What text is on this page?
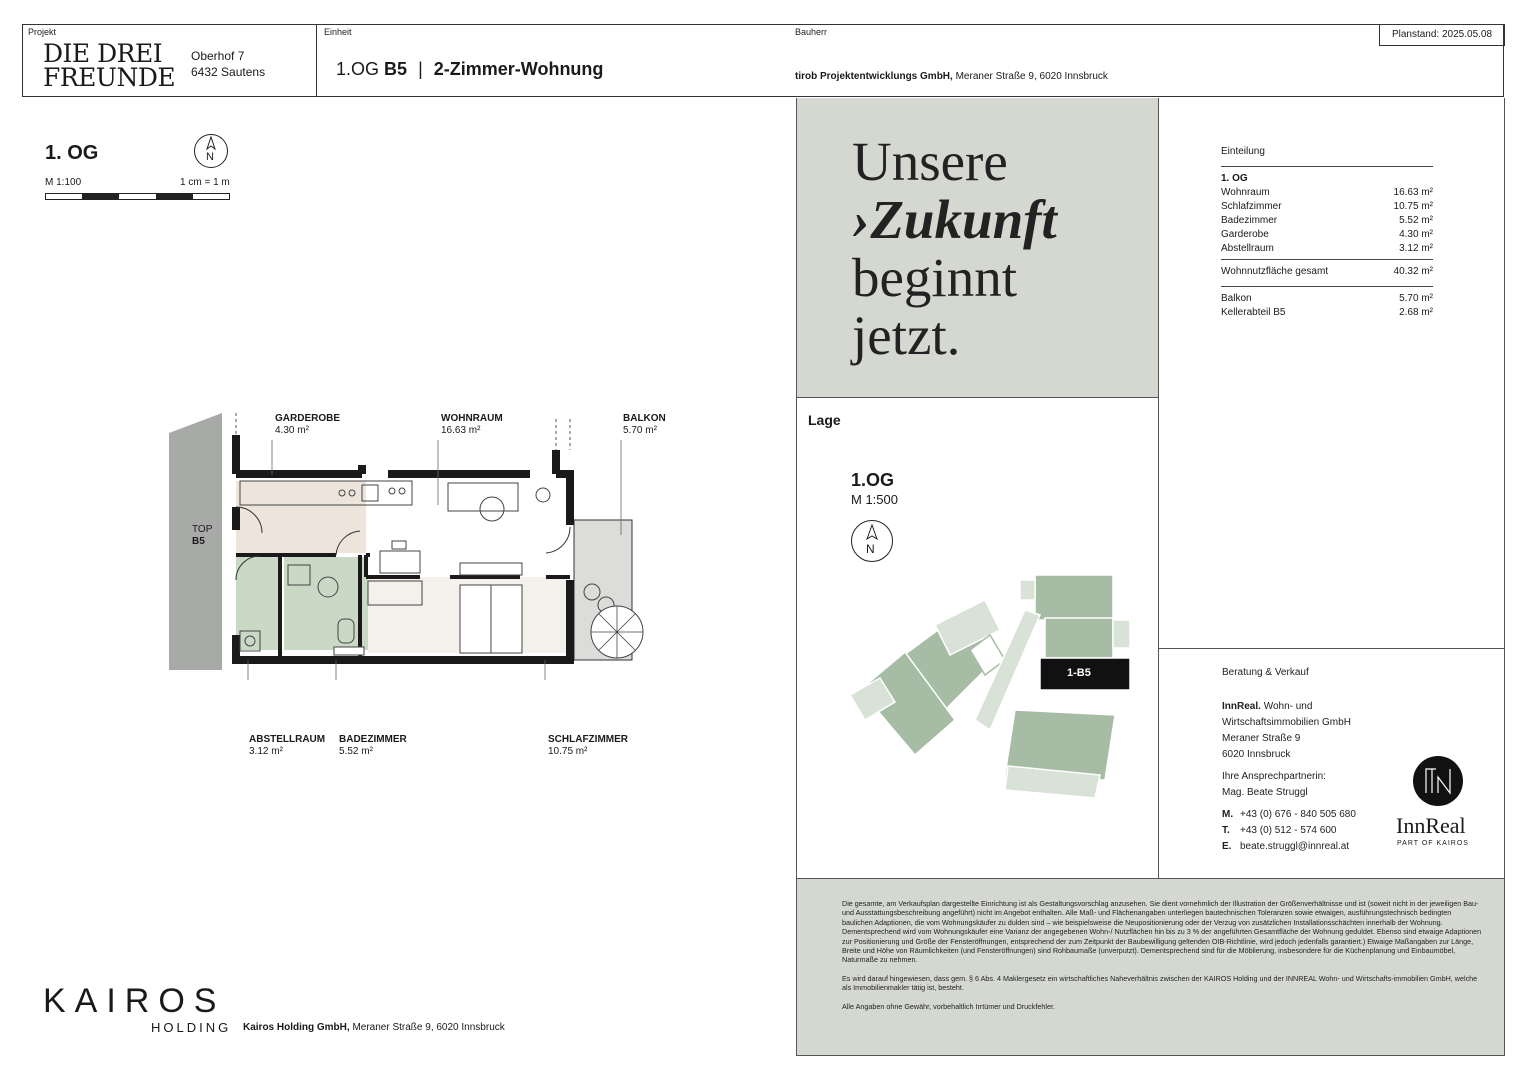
Projekt
DIE DREI
FREUNDE
Oberhof 7
6432 Sautens
Einheit
1.OG B5 | 2-Zimmer-Wohnung
Bauherr
tirob Projektentwicklungs GmbH, Meraner Straße 9, 6020 Innsbruck
Planstand: 2025.05.08
1. OG
M 1:100	1 cm = 1 m
N
GARDEROBE
4.30 m²
WOHNRAUM
16.63 m²
BALKON
5.70 m²
ABSTELLRAUM
3.12 m²
BADEZIMMER
5.52 m²
SCHLAFZIMMER
10.75 m²
TOP
B5
Unsere
›Zukunft
beginnt
jetzt.
Einteilung
1. OG
Wohnraum	16.63 m²
Schlafzimmer	10.75 m²
Badezimmer	5.52 m²
Garderobe	4.30 m²
Abstellraum	3.12 m²
Wohnnutzfläche gesamt	40.32 m²
Balkon	5.70 m²
Kellerabteil B5	2.68 m²
Lage
1.OG
M 1:500
N
1-B5	Beratung & Verkauf
InnReal. Wohn- und
Wirtschaftsimmobilien GmbH
Meraner Straße 9
6020 Innsbruck
Ihre Ansprechpartnerin:
Mag. Beate Struggl
M. +43 (0) 676 - 840 505 680
T. +43 (0) 512 - 574 600
E. beate.struggl@innreal.at
InnReal
PART OF KAIROS

Die gesamte, am Verkaufsplan dargestellte Einrichtung ist als Gestaltungsvorschlag anzusehen. Sie dient vornehmlich der Illustration der Größenverhältnisse und ist (soweit nicht in der jeweiligen Bau- und Ausstattungsbeschreibung angeführt) nicht im Angebot enthalten. Alle Maß- und Flächenangaben unterliegen bautechnischen Toleranzen sowie etwaigen, ausführungstechnisch bedingten baulichen Adaptionen, die vom Wohnungskäufer zu dulden sind – wie beispielsweise die Neupositionierung oder der Verzug von zusätzlichen Installationsschächten innerhalb der Wohnung. Dementsprechend wird vom Wohnungskäufer eine Varianz der angegebenen Wohn-/ Nutzflächen hin bis zu 3 % der angeführten Gesamtfläche der Wohnung geduldet. Ebenso sind etwaige Adaptionen zur Positionierung und Größe der Fensteröffnungen, entsprechend der zum Zeitpunkt der Baubewilligung geltenden OIB-Richtlinie, wird jedoch jedenfalls garantiert.) Etwaige Maßangaben zur Länge, Breite und Höhe von Räumlichkeiten (und Fensteröffnungen) sind Rohbaumaße (unverputzt). Dementsprechend sind für die Möblierung, insbesondere für die Küchenplanung und Einbaumöbel, Naturmaße zu nehmen.

Es wird darauf hingewiesen, dass gem. § 6 Abs. 4 Maklergesetz ein wirtschaftliches Naheverhältnis zwischen der KAIROS Holding und der INNREAL Wohn- und Wirtschafts-immobilien GmbH, welche als Immobilienmakler tätig ist, besteht.

Alle Angaben ohne Gewähr, vorbehaltlich Irrtümer und Druckfehler.

KAIROS
HOLDING Kairos Holding GmbH, Meraner Straße 9, 6020 Innsbruck
